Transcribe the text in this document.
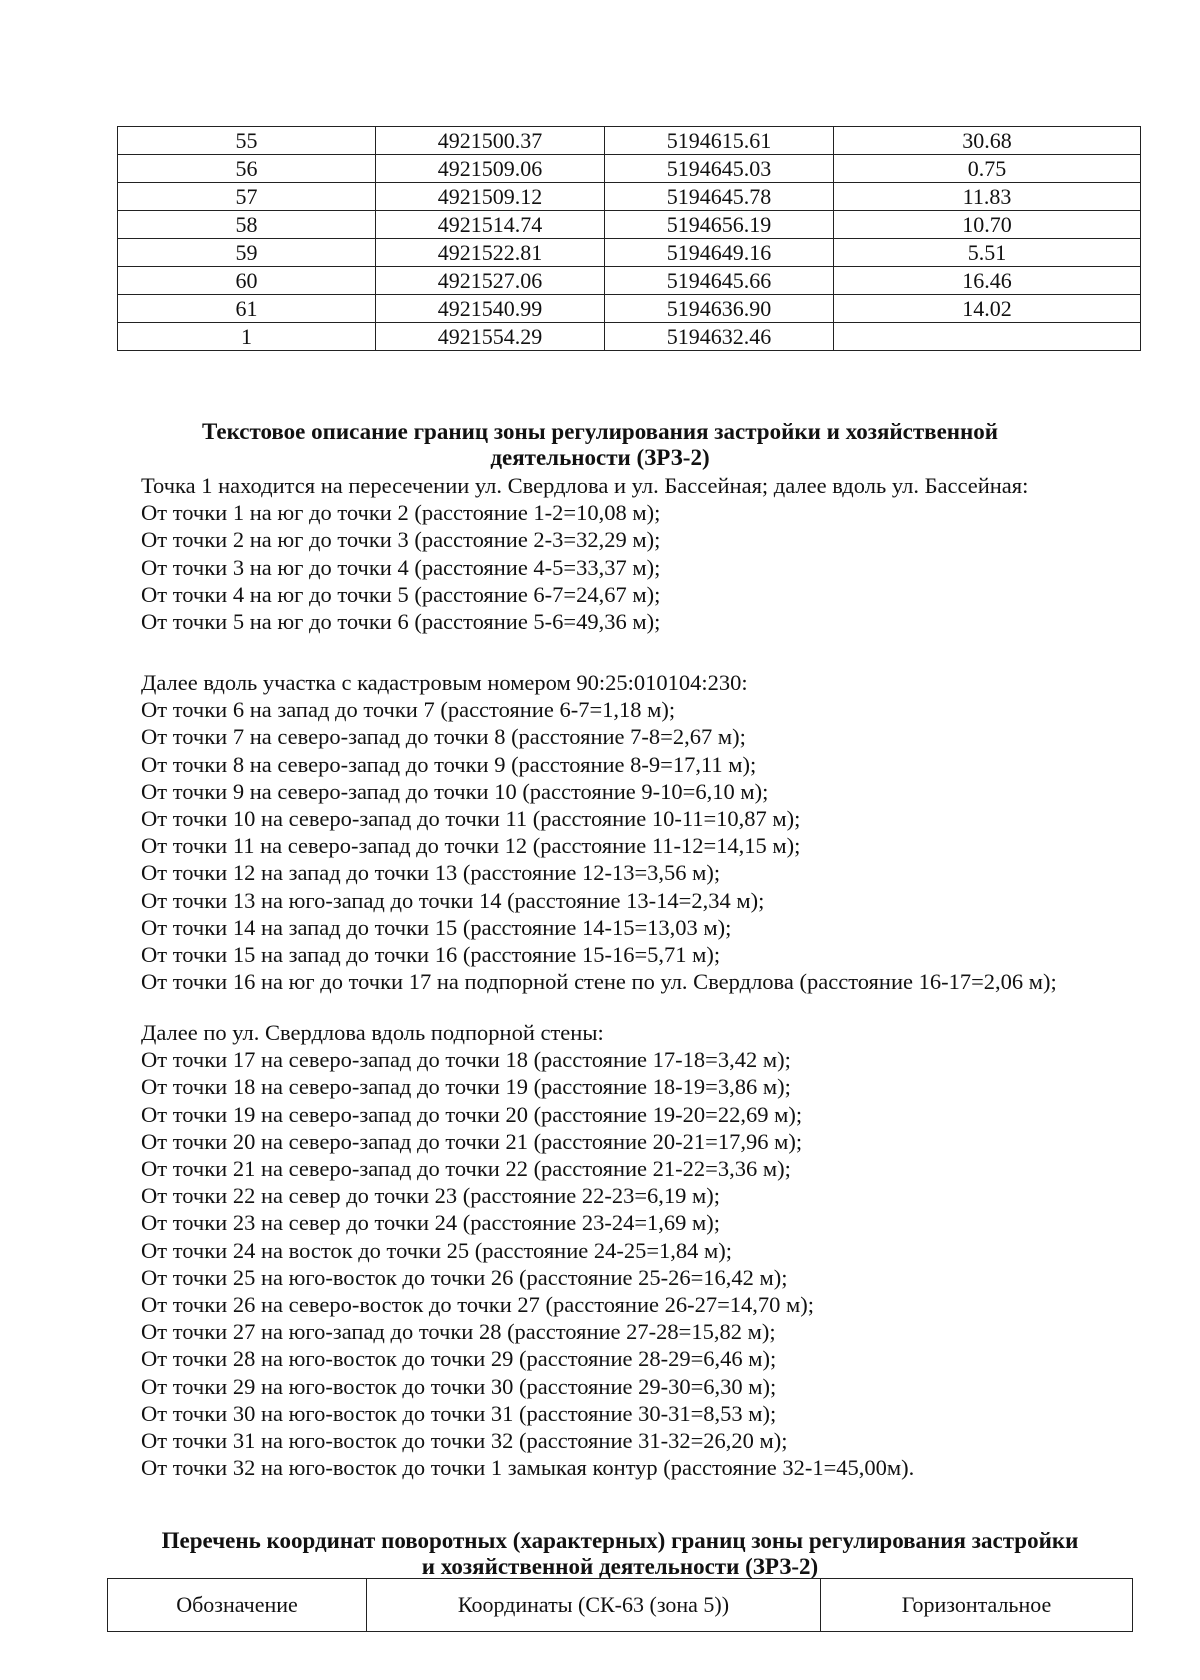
55	4921500.37	5194615.61	30.68
56	4921509.06	5194645.03	0.75
57	4921509.12	5194645.78	11.83
58	4921514.74	5194656.19	10.70
59	4921522.81	5194649.16	5.51
60	4921527.06	5194645.66	16.46
61	4921540.99	5194636.90	14.02
1	4921554.29	5194632.46	
Текстовое описание границ зоны регулирования застройки и хозяйственной
деятельности (ЗРЗ-2)
Точка 1 находится на пересечении ул. Свердлова и ул. Бассейная; далее вдоль ул. Бассейная:
От точки 1 на юг до точки 2 (расстояние 1-2=10,08 м);
От точки 2 на юг до точки 3 (расстояние 2-3=32,29 м);
От точки 3 на юг до точки 4 (расстояние 4-5=33,37 м);
От точки 4 на юг до точки 5 (расстояние 6-7=24,67 м);
От точки 5 на юг до точки 6 (расстояние 5-6=49,36 м);
Далее вдоль участка с кадастровым номером 90:25:010104:230:
От точки 6 на запад до точки 7 (расстояние 6-7=1,18 м);
От точки 7 на северо-запад до точки 8 (расстояние 7-8=2,67 м);
От точки 8 на северо-запад до точки 9 (расстояние 8-9=17,11 м);
От точки 9 на северо-запад до точки 10 (расстояние 9-10=6,10 м);
От точки 10 на северо-запад до точки 11 (расстояние 10-11=10,87 м);
От точки 11 на северо-запад до точки 12 (расстояние 11-12=14,15 м);
От точки 12 на запад до точки 13 (расстояние 12-13=3,56 м);
От точки 13 на юго-запад до точки 14 (расстояние 13-14=2,34 м);
От точки 14 на запад до точки 15 (расстояние 14-15=13,03 м);
От точки 15 на запад до точки 16 (расстояние 15-16=5,71 м);
От точки 16 на юг до точки 17 на подпорной стене по ул. Свердлова (расстояние 16-17=2,06 м);
Далее по ул. Свердлова вдоль подпорной стены:
От точки 17 на северо-запад до точки 18 (расстояние 17-18=3,42 м);
От точки 18 на северо-запад до точки 19 (расстояние 18-19=3,86 м);
От точки 19 на северо-запад до точки 20 (расстояние 19-20=22,69 м);
От точки 20 на северо-запад до точки 21 (расстояние 20-21=17,96 м);
От точки 21 на северо-запад до точки 22 (расстояние 21-22=3,36 м);
От точки 22 на север до точки 23 (расстояние 22-23=6,19 м);
От точки 23 на север до точки 24 (расстояние 23-24=1,69 м);
От точки 24 на восток до точки 25 (расстояние 24-25=1,84 м);
От точки 25 на юго-восток до точки 26 (расстояние 25-26=16,42 м);
От точки 26 на северо-восток до точки 27 (расстояние 26-27=14,70 м);
От точки 27 на юго-запад до точки 28 (расстояние 27-28=15,82 м);
От точки 28 на юго-восток до точки 29 (расстояние 28-29=6,46 м);
От точки 29 на юго-восток до точки 30 (расстояние 29-30=6,30 м);
От точки 30 на юго-восток до точки 31 (расстояние 30-31=8,53 м);
От точки 31 на юго-восток до точки 32 (расстояние 31-32=26,20 м);
От точки 32 на юго-восток до точки 1 замыкая контур (расстояние 32-1=45,00м).
Перечень координат поворотных (характерных) границ зоны регулирования застройки
и хозяйственной деятельности (ЗРЗ-2)
Обозначение	Координаты (СК-63 (зона 5))	Горизонтальное
